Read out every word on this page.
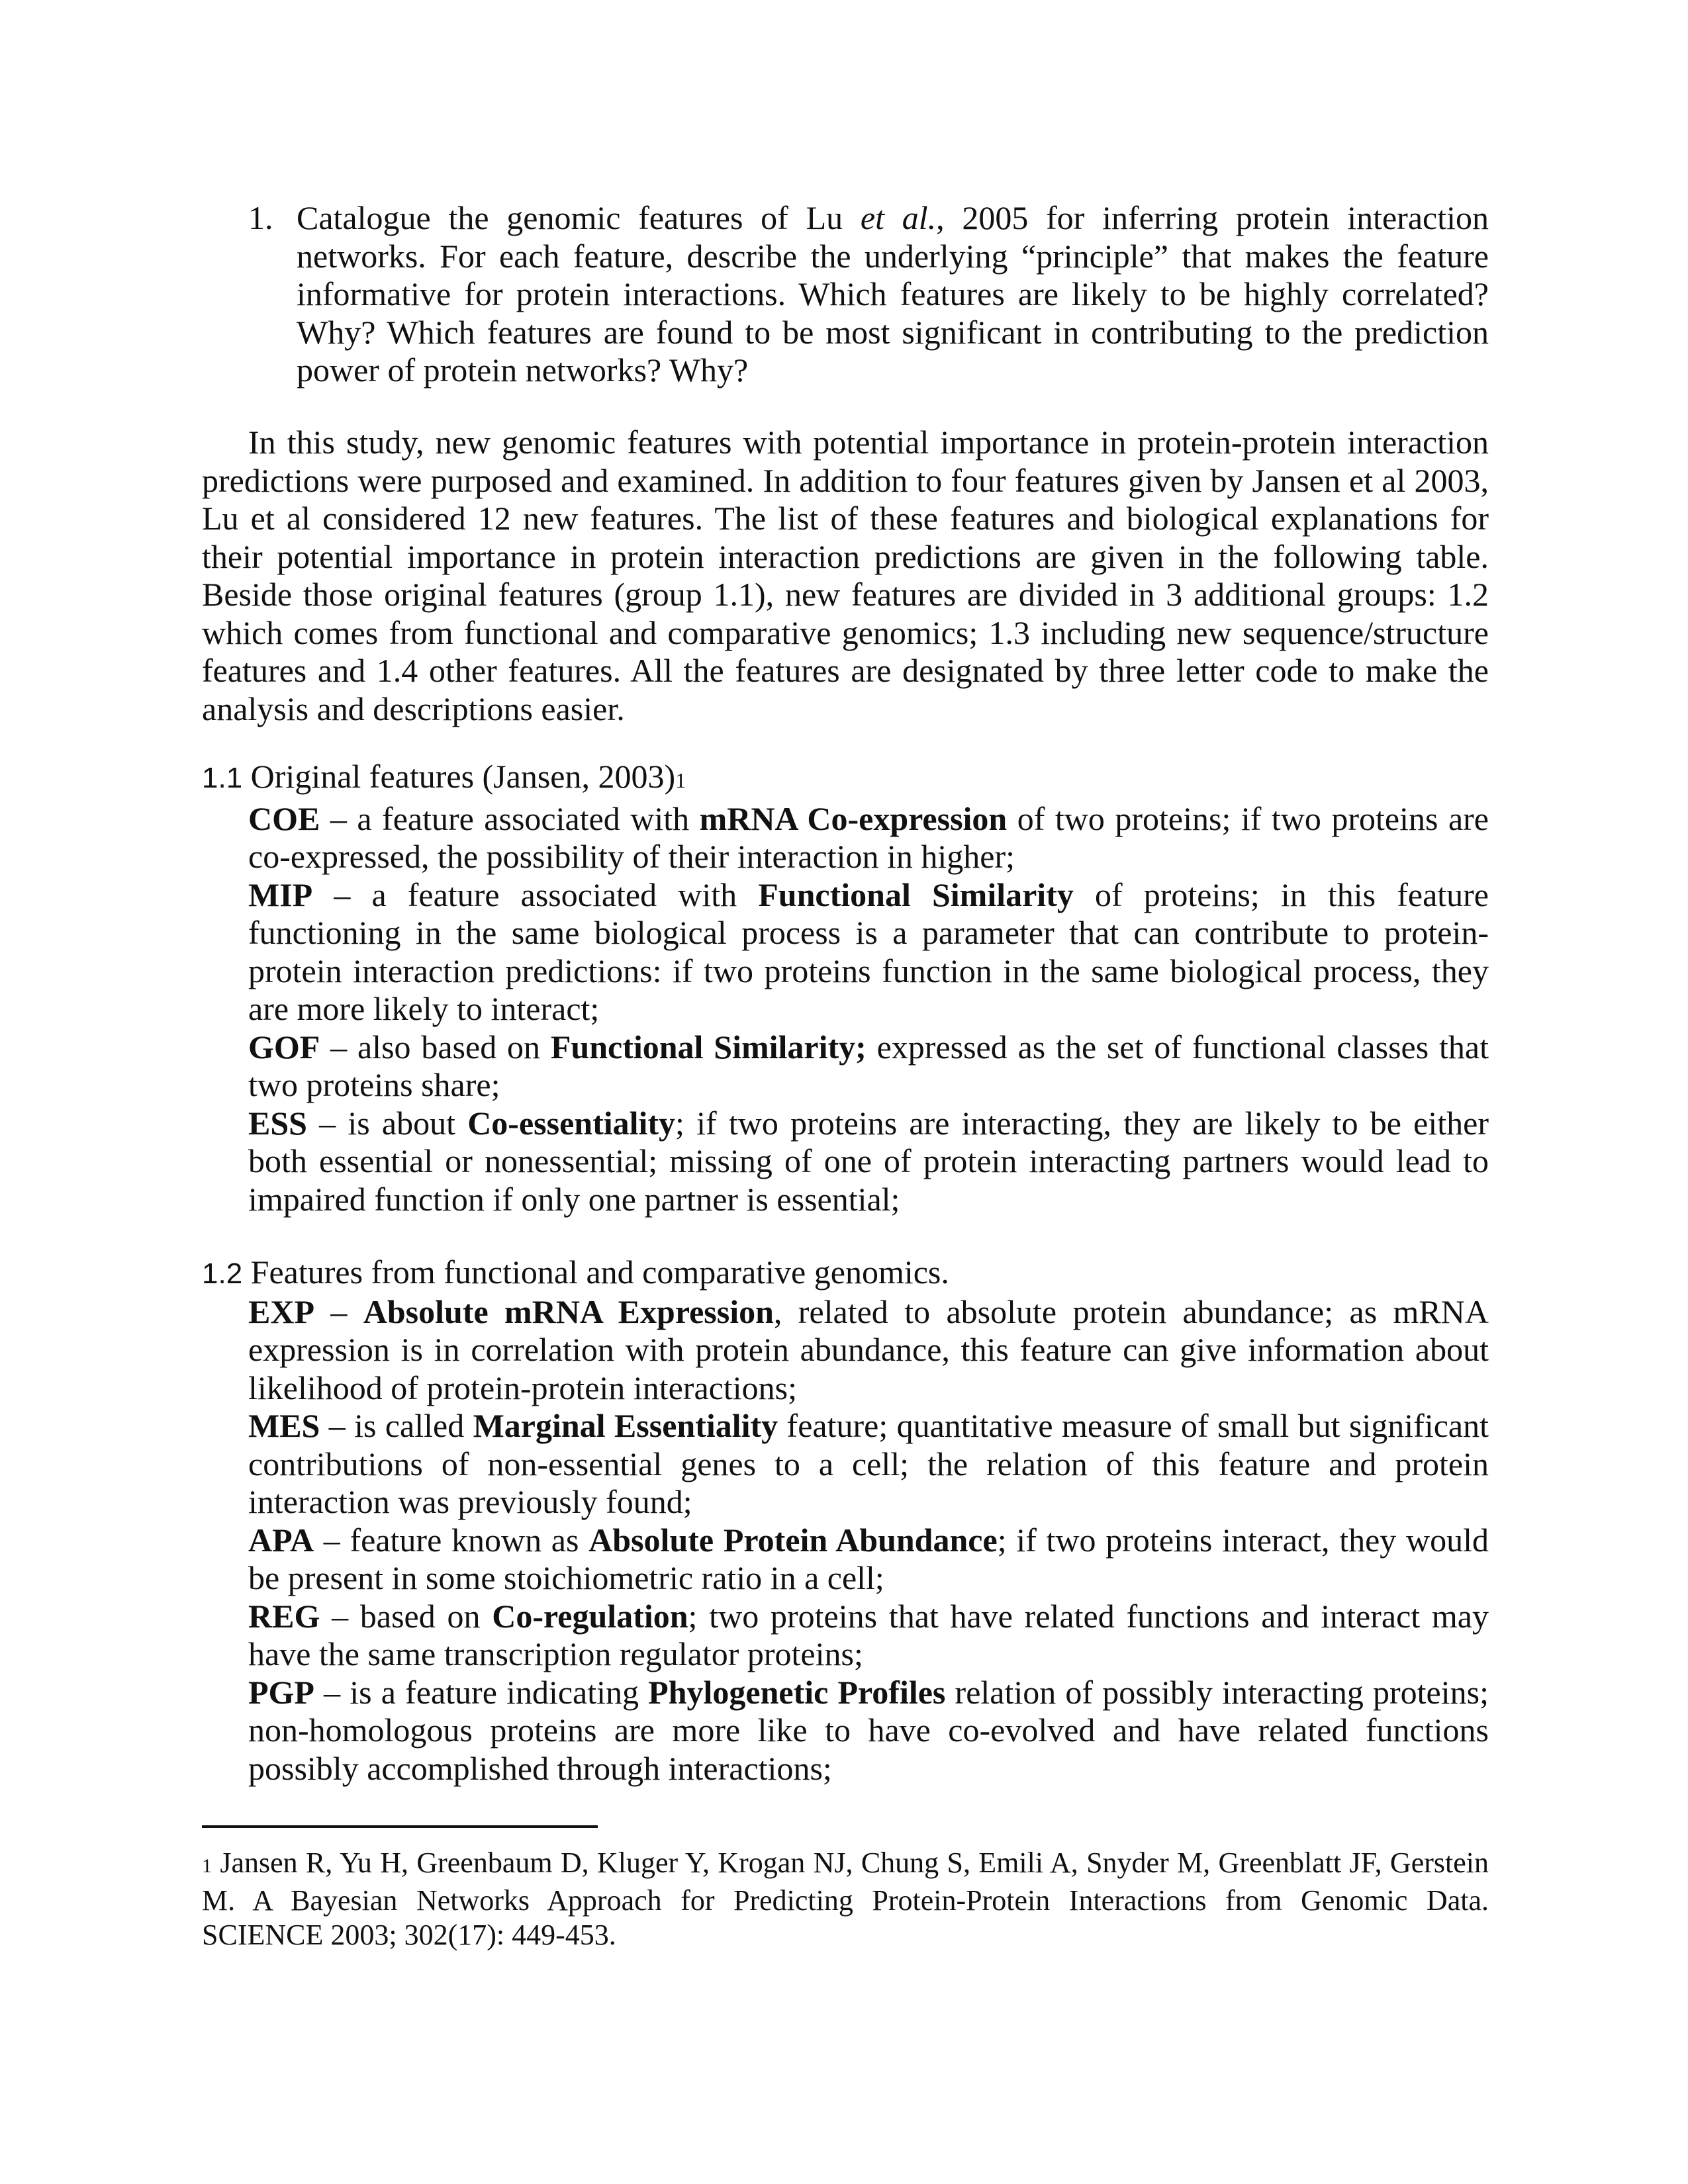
1. Catalogue the genomic features of Lu et al., 2005 for inferring protein interaction networks. For each feature, describe the underlying “principle” that makes the feature informative for protein interactions. Which features are likely to be highly correlated? Why? Which features are found to be most significant in contributing to the prediction power of protein networks? Why?
In this study, new genomic features with potential importance in protein-protein interaction predictions were purposed and examined. In addition to four features given by Jansen et al 2003, Lu et al considered 12 new features. The list of these features and biological explanations for their potential importance in protein interaction predictions are given in the following table. Beside those original features (group 1.1), new features are divided in 3 additional groups: 1.2 which comes from functional and comparative genomics; 1.3 including new sequence/structure features and 1.4 other features. All the features are designated by three letter code to make the analysis and descriptions easier.
1.1 Original features (Jansen, 2003)1
COE – a feature associated with mRNA Co-expression of two proteins; if two proteins are co-expressed, the possibility of their interaction in higher;
MIP – a feature associated with Functional Similarity of proteins; in this feature functioning in the same biological process is a parameter that can contribute to protein-protein interaction predictions: if two proteins function in the same biological process, they are more likely to interact;
GOF – also based on Functional Similarity; expressed as the set of functional classes that two proteins share;
ESS – is about Co-essentiality; if two proteins are interacting, they are likely to be either both essential or nonessential; missing of one of protein interacting partners would lead to impaired function if only one partner is essential;
1.2 Features from functional and comparative genomics.
EXP – Absolute mRNA Expression, related to absolute protein abundance; as mRNA expression is in correlation with protein abundance, this feature can give information about likelihood of protein-protein interactions;
MES – is called Marginal Essentiality feature; quantitative measure of small but significant contributions of non-essential genes to a cell; the relation of this feature and protein interaction was previously found;
APA – feature known as Absolute Protein Abundance; if two proteins interact, they would be present in some stoichiometric ratio in a cell;
REG – based on Co-regulation; two proteins that have related functions and interact may have the same transcription regulator proteins;
PGP – is a feature indicating Phylogenetic Profiles relation of possibly interacting proteins; non-homologous proteins are more like to have co-evolved and have related functions possibly accomplished through interactions;
1 Jansen R, Yu H, Greenbaum D, Kluger Y, Krogan NJ, Chung S, Emili A, Snyder M, Greenblatt JF, Gerstein M. A Bayesian Networks Approach for Predicting Protein-Protein Interactions from Genomic Data. SCIENCE 2003; 302(17): 449-453.
